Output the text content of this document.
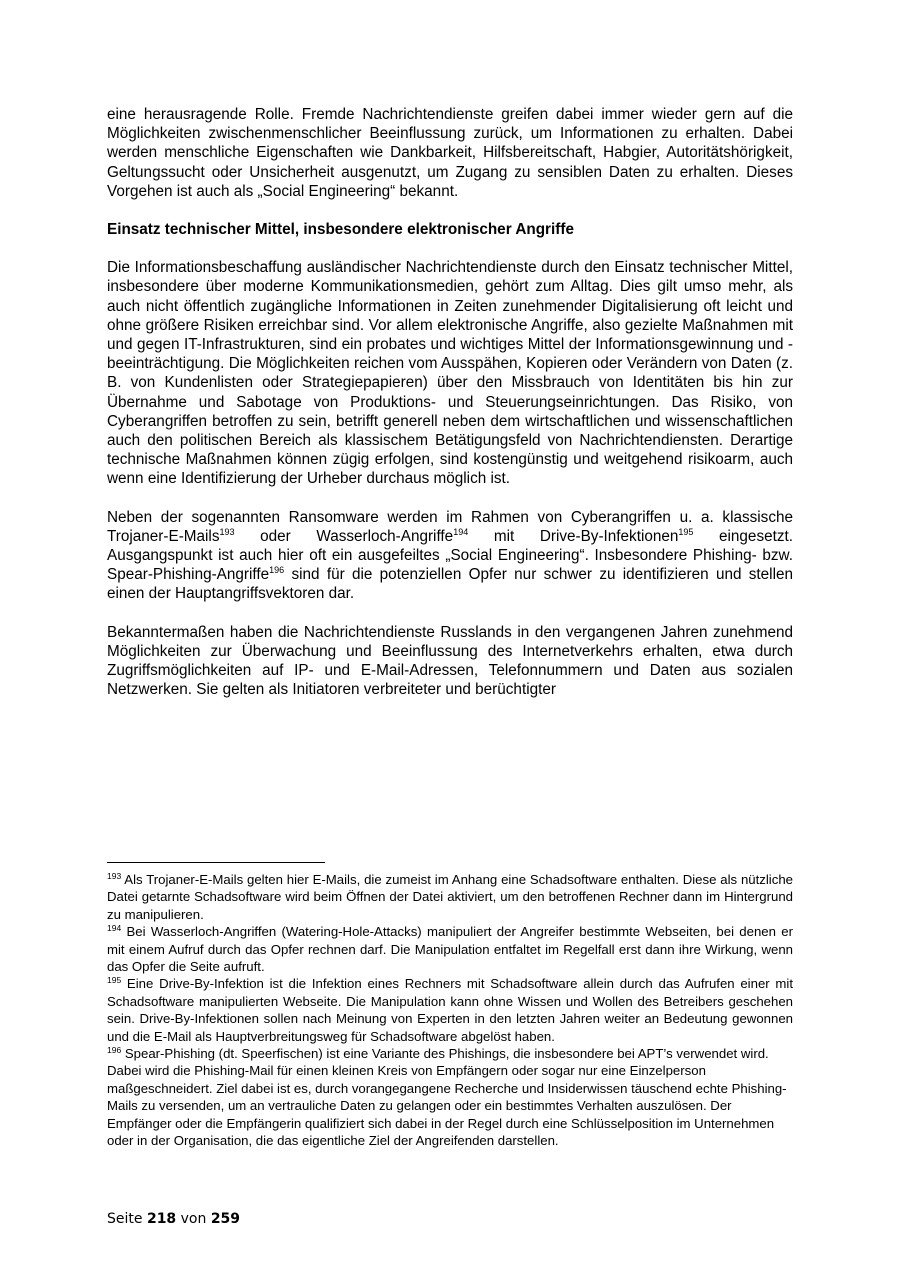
eine herausragende Rolle. Fremde Nachrichtendienste greifen dabei immer wieder gern auf die Möglichkeiten zwischenmenschlicher Beeinflussung zurück, um Informationen zu erhalten. Dabei werden menschliche Eigenschaften wie Dankbarkeit, Hilfsbereitschaft, Habgier, Autoritätshörigkeit, Geltungssucht oder Unsicherheit ausgenutzt, um Zugang zu sensiblen Daten zu erhalten. Dieses Vorgehen ist auch als „Social Engineering“ bekannt.

Einsatz technischer Mittel, insbesondere elektronischer Angriffe

Die Informationsbeschaffung ausländischer Nachrichtendienste durch den Einsatz technischer Mittel, insbesondere über moderne Kommunikationsmedien, gehört zum Alltag. Dies gilt umso mehr, als auch nicht öffentlich zugängliche Informationen in Zeiten zunehmender Digitalisierung oft leicht und ohne größere Risiken erreichbar sind. Vor allem elektronische Angriffe, also gezielte Maßnahmen mit und gegen IT-Infrastrukturen, sind ein probates und wichtiges Mittel der Informationsgewinnung und -beeinträchtigung. Die Möglichkeiten reichen vom Ausspähen, Kopieren oder Verändern von Daten (z. B. von Kundenlisten oder Strategiepapieren) über den Missbrauch von Identitäten bis hin zur Übernahme und Sabotage von Produktions- und Steuerungseinrichtungen. Das Risiko, von Cyberangriffen betroffen zu sein, betrifft generell neben dem wirtschaftlichen und wissenschaftlichen auch den politischen Bereich als klassischem Betätigungsfeld von Nachrichtendiensten. Derartige technische Maßnahmen können zügig erfolgen, sind kostengünstig und weitgehend risikoarm, auch wenn eine Identifizierung der Urheber durchaus möglich ist.

Neben der sogenannten Ransomware werden im Rahmen von Cyberangriffen u. a. klassische Trojaner-E-Mails$^{193}$ oder Wasserloch-Angriffe$^{194}$ mit Drive-By-Infektionen$^{195}$ eingesetzt. Ausgangspunkt ist auch hier oft ein ausgefeiltes „Social Engineering“. Insbesondere Phishing- bzw. Spear-Phishing-Angriffe$^{196}$ sind für die potenziellen Opfer nur schwer zu identifizieren und stellen einen der Hauptangriffsvektoren dar.

Bekanntermaßen haben die Nachrichtendienste Russlands in den vergangenen Jahren zunehmend Möglichkeiten zur Überwachung und Beeinflussung des Internetverkehrs erhalten, etwa durch Zugriffsmöglichkeiten auf IP- und E-Mail-Adressen, Telefonnummern und Daten aus sozialen Netzwerken. Sie gelten als Initiatoren verbreiteter und berüchtigter

$^{193}$ Als Trojaner-E-Mails gelten hier E-Mails, die zumeist im Anhang eine Schadsoftware enthalten. Diese als nützliche Datei getarnte Schadsoftware wird beim Öffnen der Datei aktiviert, um den betroffenen Rechner dann im Hintergrund zu manipulieren.

$^{194}$ Bei Wasserloch-Angriffen (Watering-Hole-Attacks) manipuliert der Angreifer bestimmte Webseiten, bei denen er mit einem Aufruf durch das Opfer rechnen darf. Die Manipulation entfaltet im Regelfall erst dann ihre Wirkung, wenn das Opfer die Seite aufruft.

$^{195}$ Eine Drive-By-Infektion ist die Infektion eines Rechners mit Schadsoftware allein durch das Aufrufen einer mit Schadsoftware manipulierten Webseite. Die Manipulation kann ohne Wissen und Wollen des Betreibers geschehen sein. Drive-By-Infektionen sollen nach Meinung von Experten in den letzten Jahren weiter an Bedeutung gewonnen und die E-Mail als Hauptverbreitungsweg für Schadsoftware abgelöst haben.

$^{196}$ Spear-Phishing (dt. Speerfischen) ist eine Variante des Phishings, die insbesondere bei APT’s verwendet wird. Dabei wird die Phishing-Mail für einen kleinen Kreis von Empfängern oder sogar nur eine Einzelperson maßgeschneidert. Ziel dabei ist es, durch vorangegangene Recherche und Insiderwissen täuschend echte Phishing-Mails zu versenden, um an vertrauliche Daten zu gelangen oder ein bestimmtes Verhalten auszulösen. Der Empfänger oder die Empfängerin qualifiziert sich dabei in der Regel durch eine Schlüsselposition im Unternehmen oder in der Organisation, die das eigentliche Ziel der Angreifenden darstellen.

Seite 218 von 259
